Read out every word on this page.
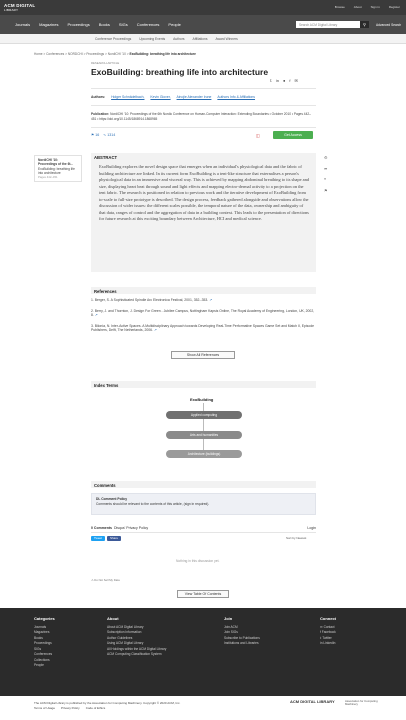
ACM DIGITAL
LIBRARY
Browse	About	Sign in	Register
Journals Magazines Proceedings Books SIGs Conferences People	Search ACM Digital Library	⚲	Advanced Search
Conference Proceedings Upcoming Events Authors Affiliations Award Winners
Home > Conferences > NORDCHI > Proceedings > NordiCHI '10 > ExoBuilding: breathing life into architecture
RESEARCH-ARTICLE
ExoBuilding: breathing life into architecture
𝕥 in ● f ✉
Authors: Holger Schnädelbach, Kevin Glover, Ainojie Alexander Irune Authors Info & Affiliations
Publication: NordiCHI '10: Proceedings of the 6th Nordic Conference on Human-Computer Interaction: Extending Boundaries • October 2010 • Pages 442–451 • https://doi.org/10.1145/1868914.1868965
⚑ 16 ∿ 1314	◫	Get Access
NordiCHI '10: Proceedings of the 6t...
ExoBuilding: breathing life into architecture
Pages 442–451
⚙
➦
❝
⚑
ABSTRACT
ExoBuilding explores the novel design space that emerges when an individual's physiological data and the fabric of building architecture are linked. In its current form ExoBuilding is a tent-like structure that externalises a person's physiological data in an immersive and visceral way. This is achieved by mapping abdominal breathing to its shape and size, displaying heart beat through sound and light effects and mapping electro-dermal activity to a projection on the tent fabric. The research is positioned in relation to previous work and the iterative development of ExoBuilding from to-scale to full-size prototype is described. The design process, feedback gathered alongside and observations allow the discussion of wider issues: the different scales possible, the temporal nature of the data, ownership and ambiguity of that data, ranges of control and the aggregation of data in a building context. This leads to the presentation of directions for future research at this exciting boundary between Architecture, HCI and medical science.
References

1. Berger, S. A Sophisticated Spindle Arc Electronica Festival, 2001, 352--353. ↗

2. Berry, J. and Thornton, J. Design For Green - Jubilee Campus, Nottingham Kapsis Online, The Royal Academy of Engineering, London, UK, 2002, 8. ↗

3. Bilonia, N. Inter-Active Spaces. A Multidisciplinary Approach towards Developing Real-Time Performative Spaces Game Set and Match II, Episode Publishers, Delft, The Netherlands, 2006. ↗

Show All References
Index Terms
ExoBuilding
Applied computing
Arts and humanities
Architecture (buildings)
Comments
DL Comment Policy
Comments should be relevant to the contents of this article, (sign in required).
0 Comments Disqus' Privacy Policy	Login
Tweet	Share	Sort by Newest
Nothing in this discussion yet.
⚠ Do Not Sell My Data
View Table Of Contents
Categories
Journals
Magazines
Books
Proceedings
SIGs
Conferences
Collections
People
About
About ACM Digital Library
Subscription Information
Author Guidelines
Using ACM Digital Library
All Holdings within the ACM Digital Library
ACM Computing Classification System
Join
Join ACM
Join SIGs
Subscribe to Publications
Institutions and Libraries
Connect
✉ Contact
f Facebook
𝕥 Twitter
in LinkedIn
The ACM Digital Library is published by the Association for Computing Machinery. Copyright © 2020 ACM, Inc.
Terms of Usage Privacy Policy Code of Ethics
ACM DIGITAL LIBRARY	Association for Computing Machinery
